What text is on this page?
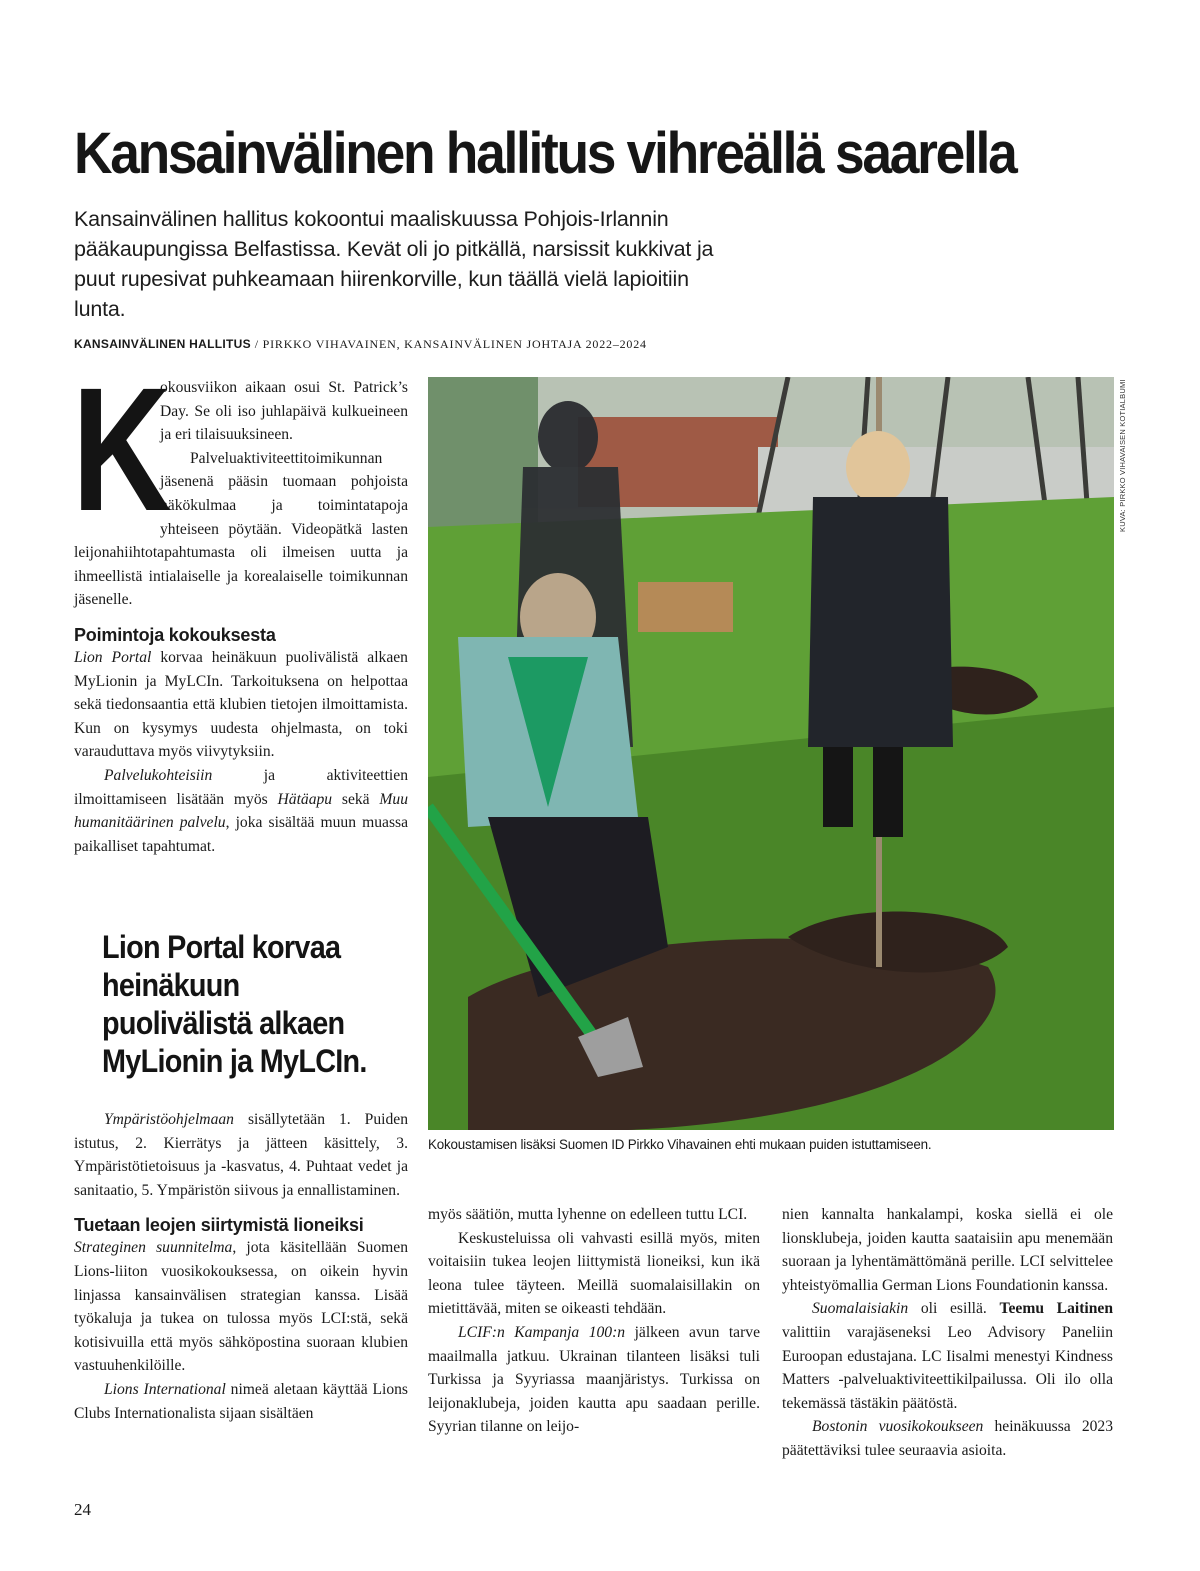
Kansainvälinen hallitus vihreällä saarella

Kansainvälinen hallitus kokoontui maaliskuussa Pohjois-Irlannin pääkaupungissa Belfastissa. Kevät oli jo pitkällä, narsissit kukkivat ja puut rupesivat puhkeamaan hiirenkorville, kun täällä vielä lapioitiin lunta.

KANSAINVÄLINEN HALLITUS / PIRKKO VIHAVAINEN, KANSAINVÄLINEN JOHTAJA 2022–2024
K

okousviikon aikaan osui St. Patrick’s Day. Se oli iso juhlapäivä kulkueineen ja eri tilaisuuksineen.

Palveluaktiviteettitoimikunnan jäsenenä pääsin tuomaan pohjoista näkökulmaa ja toimintatapoja yhteiseen pöytään. Videopätkä lasten leijonahiihtotapahtumasta oli ilmeisen uutta ja ihmeellistä intialaiselle ja korealaiselle toimikunnan jäsenelle.

Poimintoja kokouksesta

Lion Portal korvaa heinäkuun puolivälistä alkaen MyLionin ja MyLCIn. Tarkoituksena on helpottaa sekä tiedonsaantia että klubien tietojen ilmoittamista. Kun on kysymys uudesta ohjelmasta, on toki varauduttava myös viivytyksiin.

Palvelukohteisiin ja aktiviteettien ilmoittamiseen lisätään myös Hätäapu sekä Muu humanitäärinen palvelu, joka sisältää muun muassa paikalliset tapahtumat.

Lion Portal korvaa heinäkuun puolivälistä alkaen MyLionin ja MyLCIn.

Ympäristöohjelmaan sisällytetään 1. Puiden istutus, 2. Kierrätys ja jätteen käsittely, 3. Ympäristötietoisuus ja -kasvatus, 4. Puhtaat vedet ja sanitaatio, 5. Ympäristön siivous ja ennallistaminen.

Tuetaan leojen siirtymistä lioneiksi

Strateginen suunnitelma, jota käsitellään Suomen Lions-liiton vuosikokouksessa, on oikein hyvin linjassa kansainvälisen strategian kanssa. Lisää työkaluja ja tukea on tulossa myös LCI:stä, sekä kotisivuilla että myös sähköpostina suoraan klubien vastuuhenkilöille.

Lions International nimeä aletaan käyttää Lions Clubs Internationalista sijaan sisältäen

KUVA: PIRKKO VIHAVAISEN KOTIALBUMI
Kokoustamisen lisäksi Suomen ID Pirkko Vihavainen ehti mukaan puiden istuttamiseen.

myös säätiön, mutta lyhenne on edelleen tuttu LCI.

Keskusteluissa oli vahvasti esillä myös, miten voitaisiin tukea leojen liittymistä lioneiksi, kun ikä leona tulee täyteen. Meillä suomalaisillakin on mietittävää, miten se oikeasti tehdään.

LCIF:n Kampanja 100:n jälkeen avun tarve maailmalla jatkuu. Ukrainan tilanteen lisäksi tuli Turkissa ja Syyriassa maanjäristys. Turkissa on leijonaklubeja, joiden kautta apu saadaan perille. Syyrian tilanne on leijo-

nien kannalta hankalampi, koska siellä ei ole lionsklubeja, joiden kautta saataisiin apu menemään suoraan ja lyhentämättömänä perille. LCI selvittelee yhteistyömallia German Lions Foundationin kanssa.

Suomalaisiakin oli esillä. Teemu Laitinen valittiin varajäseneksi Leo Advisory Paneliin Euroopan edustajana. LC Iisalmi menestyi Kindness Matters -palveluaktiviteettikilpailussa. Oli ilo olla tekemässä tästäkin päätöstä.

Bostonin vuosikokoukseen heinäkuussa 2023 päätettäviksi tulee seuraavia asioita.

24
